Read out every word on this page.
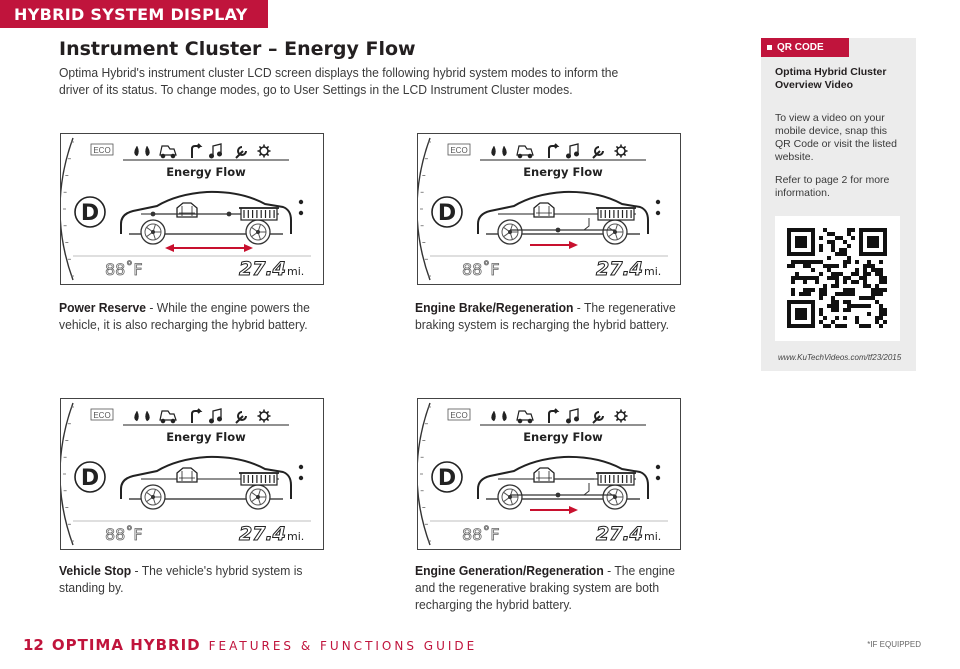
HYBRID SYSTEM DISPLAY
Instrument Cluster – Energy Flow

Optima Hybrid's instrument cluster LCD screen displays the following hybrid system modes to inform the driver of its status. To change modes, go to User Settings in the LCD Instrument Cluster modes.

ECO
Energy Flow
D
88˚F	27.4 mi.

Power Reserve - While the engine powers the vehicle, it is also recharging the hybrid battery.

ECO
Energy Flow
D
88˚F	27.4 mi.

Engine Brake/Regeneration - The regenerative braking system is recharging the hybrid battery.

ECO
Energy Flow
D
88˚F	27.4 mi.

Vehicle Stop - The vehicle's hybrid system is standing by.

ECO
Energy Flow
D
88˚F	27.4 mi.

Engine Generation/Regeneration - The engine and the regenerative braking system are both recharging the hybrid battery.

QR CODE

Optima Hybrid Cluster Overview Video

To view a video on your mobile device, snap this QR Code or visit the listed website.

Refer to page 2 for more information.

www.KuTechVideos.com/tf23/2015

12 OPTIMA HYBRID FEATURES & FUNCTIONS GUIDE	*IF EQUIPPED
